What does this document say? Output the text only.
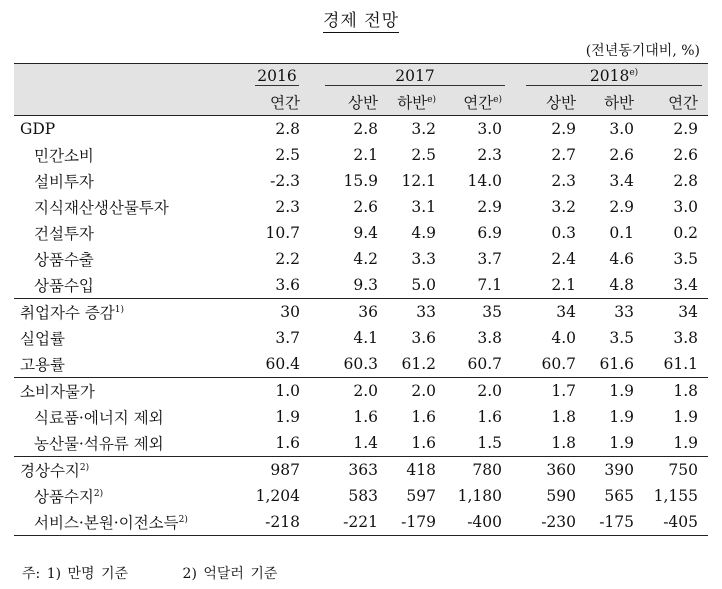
경제 전망
(전년동기대비, %)
	2016		2017				2018$^{e)}$
	연간		상반	하반$^{e)}$	연간$^{e)}$		상반	하반	연간
GDP	2.8		2.8	3.2	3.0		2.9	3.0	2.9
민간소비	2.5		2.1	2.5	2.3		2.7	2.6	2.6
설비투자	-2.3		15.9	12.1	14.0		2.3	3.4	2.8
지식재산생산물투자	2.3		2.6	3.1	2.9		3.2	2.9	3.0
건설투자	10.7		9.4	4.9	6.9		0.3	0.1	0.2
상품수출	2.2		4.2	3.3	3.7		2.4	4.6	3.5
상품수입	3.6		9.3	5.0	7.1		2.1	4.8	3.4
취업자수 증감$^{1)}$	30		36	33	35		34	33	34
실업률	3.7		4.1	3.6	3.8		4.0	3.5	3.8
고용률	60.4		60.3	61.2	60.7		60.7	61.6	61.1
소비자물가	1.0		2.0	2.0	2.0		1.7	1.9	1.8
식료품·에너지 제외	1.9		1.6	1.6	1.6		1.8	1.9	1.9
농산물·석유류 제외	1.6		1.4	1.6	1.5		1.8	1.9	1.9
경상수지$^{2)}$	987		363	418	780		360	390	750
상품수지$^{2)}$	1,204		583	597	1,180		590	565	1,155
서비스·본원·이전소득$^{2)}$	-218		-221	-179	-400		-230	-175	-405
주: 1) 만명 기준	2) 억달러 기준
